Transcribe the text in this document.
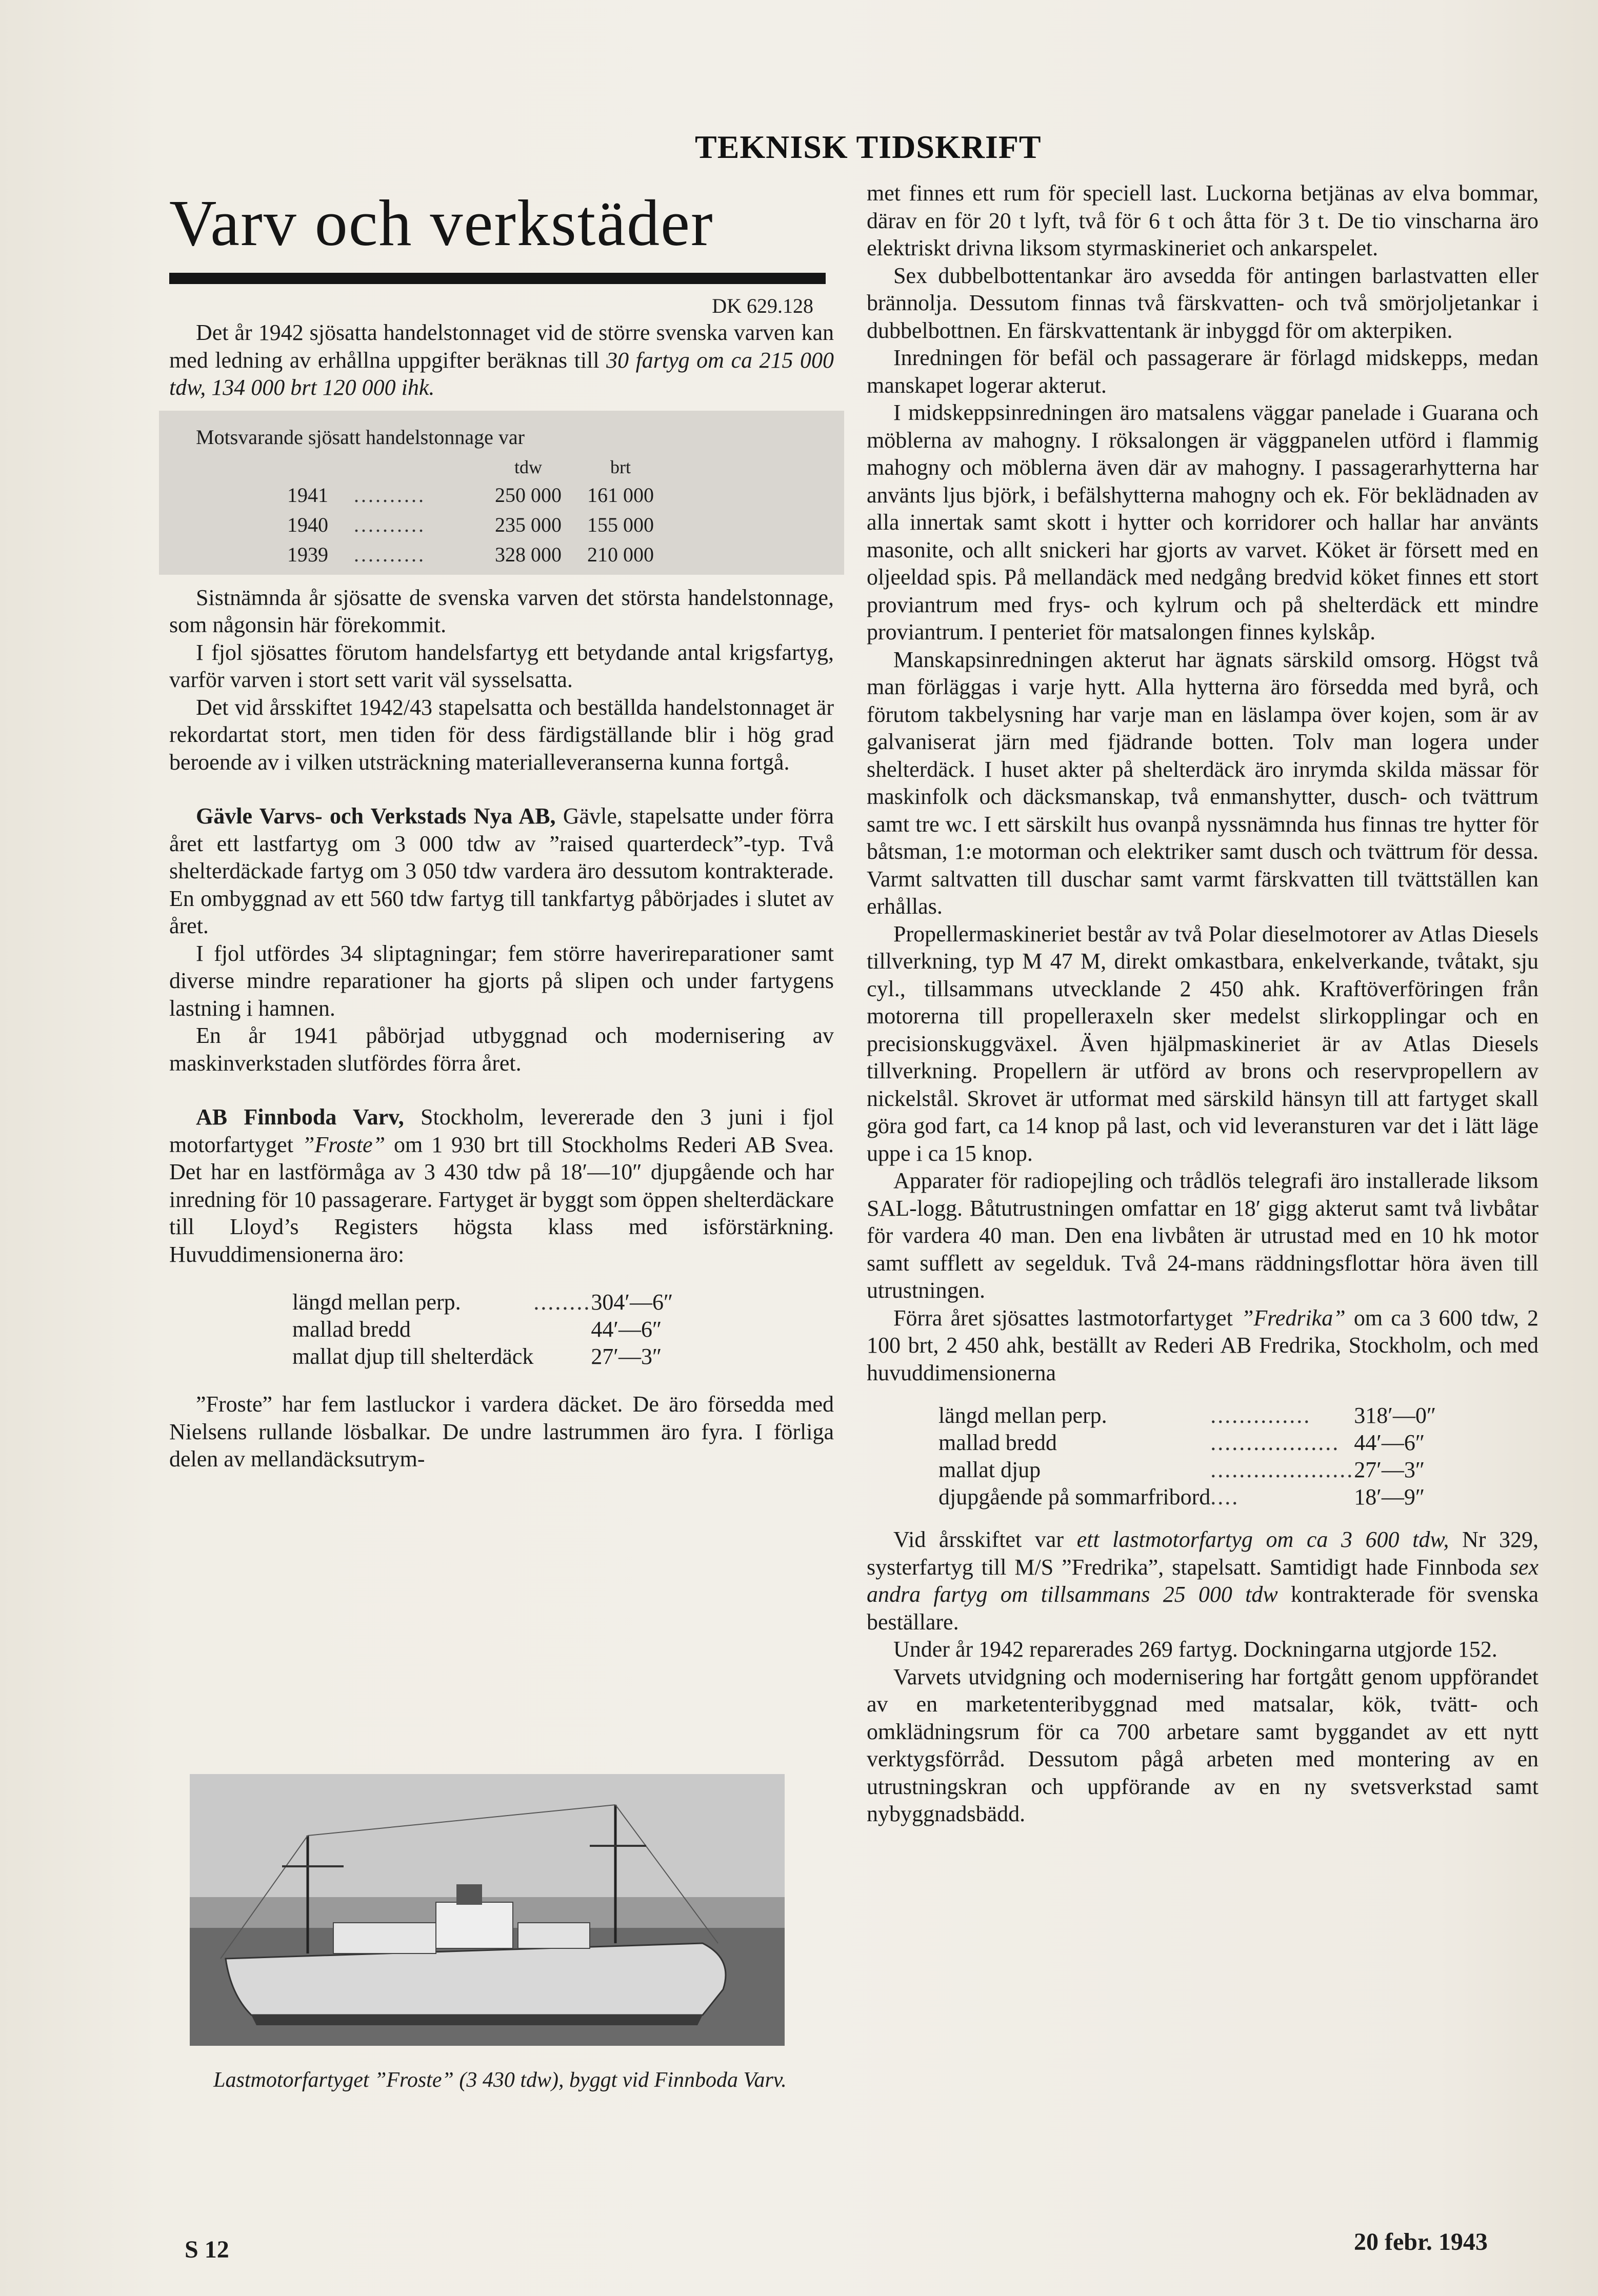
TEKNISK TIDSKRIFT
Varv och verkstäder
DK 629.128

Det år 1942 sjösatta handelstonnaget vid de större svenska varven kan med ledning av erhållna uppgifter beräknas till 30 fartyg om ca 215 000 tdw, 134 000 brt 120 000 ihk.

Motsvarande sjösatt handelstonnage var
		tdw	brt
1941	..........	250 000	161 000
1940	..........	235 000	155 000
1939	..........	328 000	210 000

Sistnämnda år sjösatte de svenska varven det största handelstonnage, som någonsin här förekommit.

I fjol sjösattes förutom handelsfartyg ett betydande antal krigsfartyg, varför varven i stort sett varit väl sysselsatta.

Det vid årsskiftet 1942/43 stapelsatta och beställda handelstonnaget är rekordartat stort, men tiden för dess färdigställande blir i hög grad beroende av i vilken utsträckning materialleveranserna kunna fortgå.

Gävle Varvs- och Verkstads Nya AB, Gävle, stapelsatte under förra året ett lastfartyg om 3 000 tdw av ”raised quarterdeck”-typ. Två shelterdäckade fartyg om 3 050 tdw vardera äro dessutom kontrakterade. En ombyggnad av ett 560 tdw fartyg till tankfartyg påbörjades i slutet av året.

I fjol utfördes 34 sliptagningar; fem större haverireparationer samt diverse mindre reparationer ha gjorts på slipen och under fartygens lastning i hamnen.

En år 1941 påbörjad utbyggnad och modernisering av maskinverkstaden slutfördes förra året.

AB Finnboda Varv, Stockholm, levererade den 3 juni i fjol motorfartyget ”Froste” om 1 930 brt till Stockholms Rederi AB Svea. Det har en lastförmåga av 3 430 tdw på 18′—10″ djupgående och har inredning för 10 passagerare. Fartyget är byggt som öppen shelterdäckare till Lloyd’s Registers högsta klass med isförstärkning. Huvuddimensionerna äro:

längd mellan perp.	........	304′—6″
mallad bredd		44′—6″
mallat djup till shelterdäck		27′—3″

”Froste” har fem lastluckor i vardera däcket. De äro försedda med Nielsens rullande lösbalkar. De undre lastrummen äro fyra. I förliga delen av mellandäcksutrym-

Lastmotorfartyget ”Froste” (3 430 tdw), byggt vid Finnboda Varv.

met finnes ett rum för speciell last. Luckorna betjänas av elva bommar, därav en för 20 t lyft, två för 6 t och åtta för 3 t. De tio vinscharna äro elektriskt drivna liksom styrmaskineriet och ankarspelet.

Sex dubbelbottentankar äro avsedda för antingen barlastvatten eller brännolja. Dessutom finnas två färskvatten- och två smörjoljetankar i dubbelbottnen. En färskvattentank är inbyggd för om akterpiken.

Inredningen för befäl och passagerare är förlagd midskepps, medan manskapet logerar akterut.

I midskeppsinredningen äro matsalens väggar panelade i Guarana och möblerna av mahogny. I röksalongen är väggpanelen utförd i flammig mahogny och möblerna även där av mahogny. I passagerarhytterna har använts ljus björk, i befälshytterna mahogny och ek. För beklädnaden av alla innertak samt skott i hytter och korridorer och hallar har använts masonite, och allt snickeri har gjorts av varvet. Köket är försett med en oljeeldad spis. På mellandäck med nedgång bredvid köket finnes ett stort proviantrum med frys- och kylrum och på shelterdäck ett mindre proviantrum. I penteriet för matsalongen finnes kylskåp.

Manskapsinredningen akterut har ägnats särskild omsorg. Högst två man förläggas i varje hytt. Alla hytterna äro försedda med byrå, och förutom takbelysning har varje man en läslampa över kojen, som är av galvaniserat järn med fjädrande botten. Tolv man logera under shelterdäck. I huset akter på shelterdäck äro inrymda skilda mässar för maskinfolk och däcksmanskap, två enmanshytter, dusch- och tvättrum samt tre wc. I ett särskilt hus ovanpå nyssnämnda hus finnas tre hytter för båtsman, 1:e motorman och elektriker samt dusch och tvättrum för dessa. Varmt saltvatten till duschar samt varmt färskvatten till tvättställen kan erhållas.

Propellermaskineriet består av två Polar dieselmotorer av Atlas Diesels tillverkning, typ M 47 M, direkt omkastbara, enkelverkande, tvåtakt, sju cyl., tillsammans utvecklande 2 450 ahk. Kraftöverföringen från motorerna till propelleraxeln sker medelst slirkopplingar och en precisionskuggväxel. Även hjälpmaskineriet är av Atlas Diesels tillverkning. Propellern är utförd av brons och reservpropellern av nickelstål. Skrovet är utformat med särskild hänsyn till att fartyget skall göra god fart, ca 14 knop på last, och vid leveransturen var det i lätt läge uppe i ca 15 knop.

Apparater för radiopejling och trådlös telegrafi äro installerade liksom SAL-logg. Båtutrustningen omfattar en 18′ gigg akterut samt två livbåtar för vardera 40 man. Den ena livbåten är utrustad med en 10 hk motor samt sufflett av segelduk. Två 24-mans räddningsflottar höra även till utrustningen.

Förra året sjösattes lastmotorfartyget ”Fredrika” om ca 3 600 tdw, 2 100 brt, 2 450 ahk, beställt av Rederi AB Fredrika, Stockholm, och med huvuddimensionerna

längd mellan perp.	..............	318′—0″
mallad bredd	..................	44′—6″
mallat djup	....................	27′—3″
djupgående på sommarfribord	....	18′—9″

Vid årsskiftet var ett lastmotorfartyg om ca 3 600 tdw, Nr 329, systerfartyg till M/S ”Fredrika”, stapelsatt. Samtidigt hade Finnboda sex andra fartyg om tillsammans 25 000 tdw kontrakterade för svenska beställare.

Under år 1942 reparerades 269 fartyg. Dockningarna utgjorde 152.

Varvets utvidgning och modernisering har fortgått genom uppförandet av en marketenteribyggnad med matsalar, kök, tvätt- och omklädningsrum för ca 700 arbetare samt byggandet av ett nytt verktygsförråd. Dessutom pågå arbeten med montering av en utrustningskran och uppförande av en ny svetsverkstad samt nybyggnadsbädd.

S 12	20 febr. 1943
